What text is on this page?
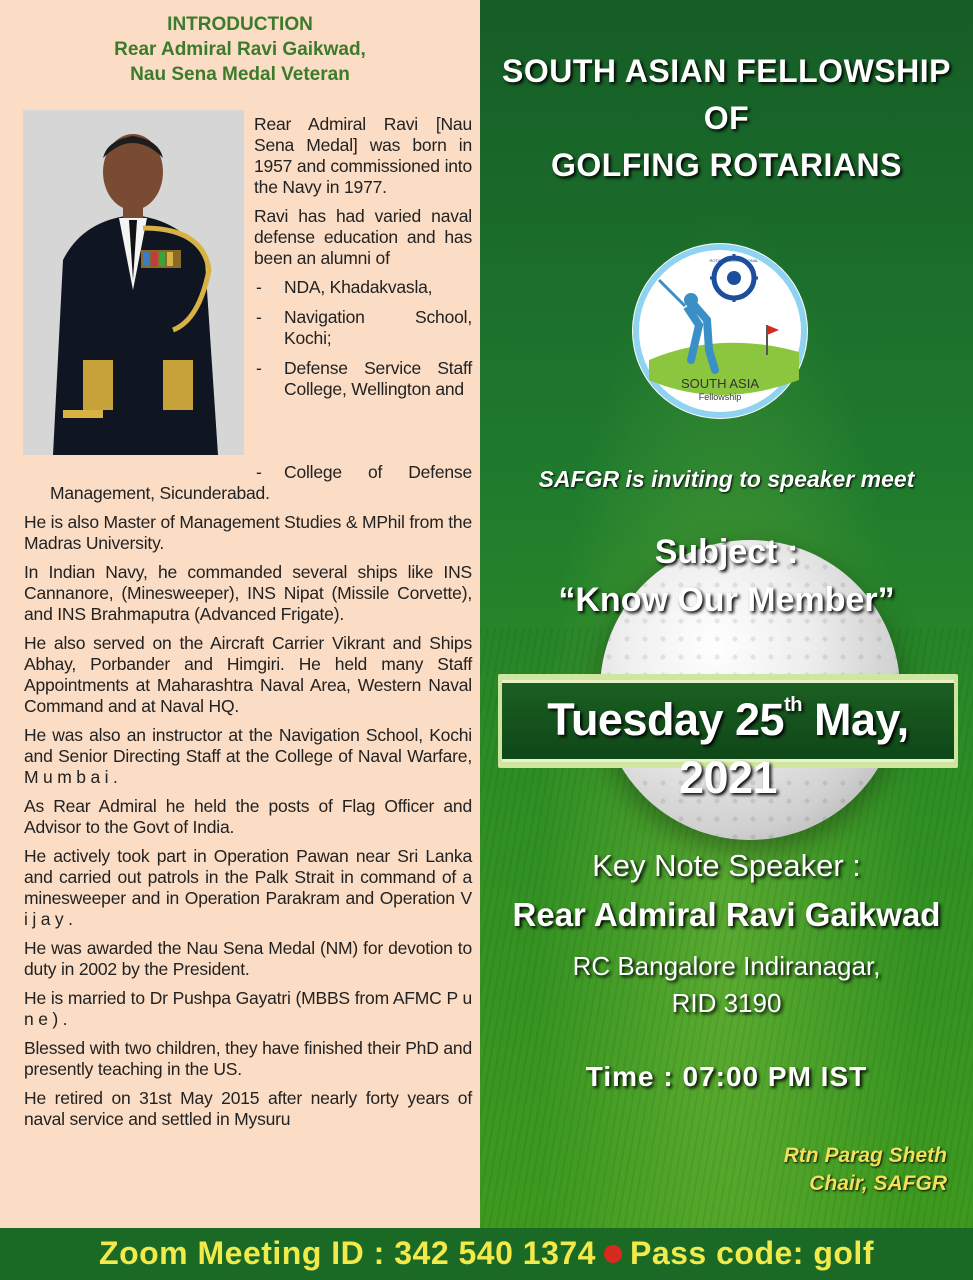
INTRODUCTION
Rear Admiral Ravi Gaikwad,
Nau Sena Medal Veteran

Rear Admiral Ravi [Nau Sena Medal] was born in 1957 and commissioned into the Navy in 1977.

Ravi has had varied naval defense education and has been an alumni of

- NDA, Khadakvasla,
- Navigation School, Kochi;
- Defense Service Staff College, Wellington and
- College of Defense
Management, Sicunderabad.

He is also Master of Management Studies & MPhil from the Madras University.

In Indian Navy, he commanded several ships like INS Cannanore, (Minesweeper), INS Nipat (Missile Corvette), and INS Brahmaputra (Advanced Frigate).

He also served on the Aircraft Carrier Vikrant and Ships Abhay, Porbander and Himgiri. He held many Staff Appointments at Maharashtra Naval Area, Western Naval Command and at Naval HQ.

He was also an instructor at the Navigation School, Kochi and Senior Directing Staff at the College of Naval Warfare, M u m b a i .

As Rear Admiral he held the posts of Flag Officer and Advisor to the Govt of India.

He actively took part in Operation Pawan near Sri Lanka and carried out patrols in the Palk Strait in command of a minesweeper and in Operation Parakram and Operation V i j a y .

He was awarded the Nau Sena Medal (NM) for devotion to duty in 2002 by the President.

He is married to Dr Pushpa Gayatri (MBBS from AFMC P u n e ) .

Blessed with two children, they have finished their PhD and presently teaching in the US.

He retired on 31st May 2015 after nearly forty years of naval service and settled in Mysuru

SOUTH ASIAN FELLOWSHIP
OF
GOLFING ROTARIANS
SOUTH ASIA
Fellowship
ROTARY INTERNATIONAL
SAFGR is inviting to speaker meet
Subject :
“Know Our Member”
Tuesday 25th May, 2021
Key Note Speaker :
Rear Admiral Ravi Gaikwad
RC Bangalore Indiranagar,
RID 3190
Time : 07:00 PM IST
Rtn Parag Sheth
Chair, SAFGR
Zoom Meeting ID : 342 540 1374 Pass code: golf
